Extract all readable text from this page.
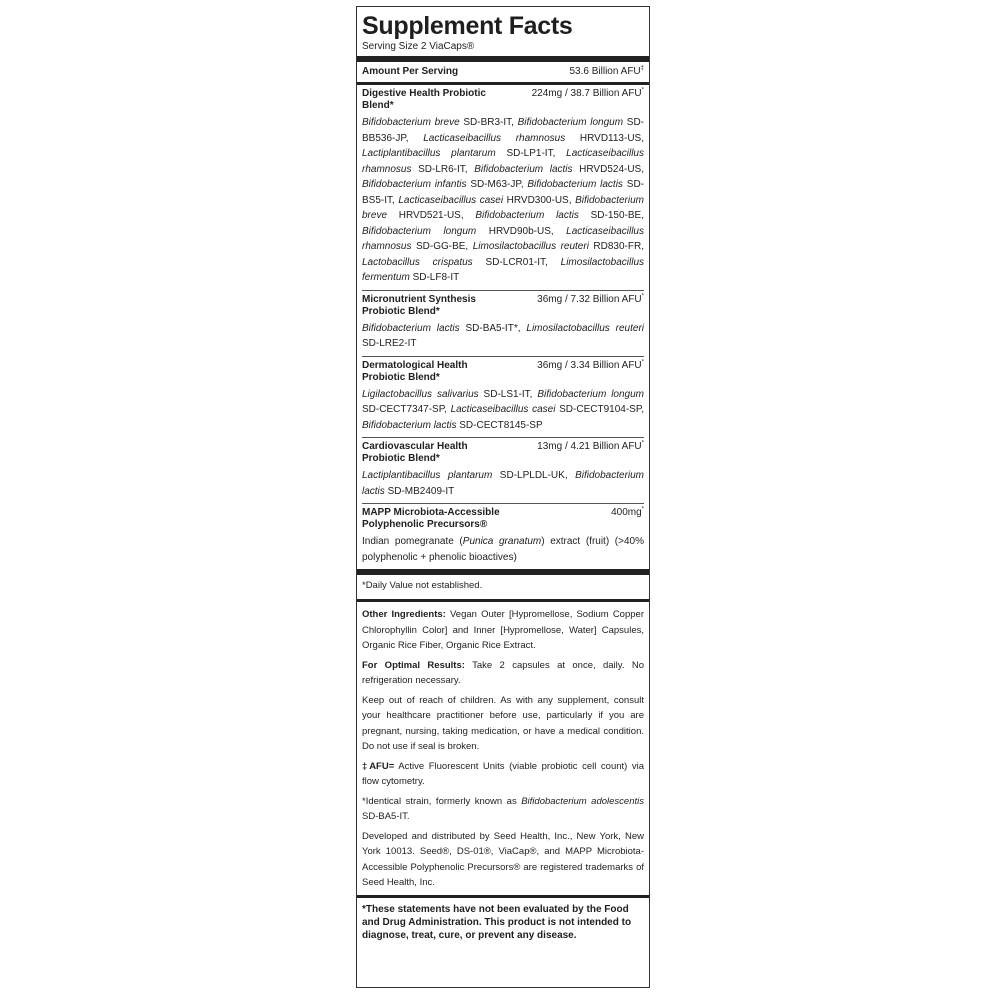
Supplement Facts
Serving Size 2 ViaCaps®
Amount Per Serving	53.6 Billion AFU‡
Digestive Health Probiotic Blend*
224mg / 38.7 Billion AFU*
Bifidobacterium breve SD-BR3-IT, Bifidobacterium longum SD-BB536-JP, Lacticaseibacillus rhamnosus HRVD113-US, Lactiplantibacillus plantarum SD-LP1-IT, Lacticaseibacillus rhamnosus SD-LR6-IT, Bifidobacterium lactis HRVD524-US, Bifidobacterium infantis SD-M63-JP, Bifidobacterium lactis SD-BS5-IT, Lacticaseibacillus casei HRVD300-US, Bifidobacterium breve HRVD521-US, Bifidobacterium lactis SD-150-BE, Bifidobacterium longum HRVD90b-US, Lacticaseibacillus rhamnosus SD-GG-BE, Limosilactobacillus reuteri RD830-FR, Lactobacillus crispatus SD-LCR01-IT, Limosilactobacillus fermentum SD-LF8-IT
Micronutrient Synthesis Probiotic Blend*
36mg / 7.32 Billion AFU*
Bifidobacterium lactis SD-BA5-IT*, Limosilactobacillus reuteri SD-LRE2-IT
Dermatological Health Probiotic Blend*
36mg / 3.34 Billion AFU*
Ligilactobacillus salivarius SD-LS1-IT, Bifidobacterium longum SD-CECT7347-SP, Lacticaseibacillus casei SD-CECT9104-SP, Bifidobacterium lactis SD-CECT8145-SP
Cardiovascular Health Probiotic Blend*
13mg / 4.21 Billion AFU*
Lactiplantibacillus plantarum SD-LPLDL-UK, Bifidobacterium lactis SD-MB2409-IT
MAPP Microbiota-Accessible Polyphenolic Precursors®
400mg*
Indian pomegranate (Punica granatum) extract (fruit) (>40% polyphenolic + phenolic bioactives)
*Daily Value not established.

Other Ingredients: Vegan Outer [Hypromellose, Sodium Copper Chlorophyllin Color] and Inner [Hypromellose, Water] Capsules, Organic Rice Fiber, Organic Rice Extract.

For Optimal Results: Take 2 capsules at once, daily. No refrigeration necessary.

Keep out of reach of children. As with any supplement, consult your healthcare practitioner before use, particularly if you are pregnant, nursing, taking medication, or have a medical condition. Do not use if seal is broken.

‡AFU= Active Fluorescent Units (viable probiotic cell count) via flow cytometry.

*Identical strain, formerly known as Bifidobacterium adolescentis SD-BA5-IT.

Developed and distributed by Seed Health, Inc., New York, New York 10013. Seed®, DS-01®, ViaCap®, and MAPP Microbiota-Accessible Polyphenolic Precursors® are registered trademarks of Seed Health, Inc.

*These statements have not been evaluated by the Food and Drug Administration. This product is not intended to diagnose, treat, cure, or prevent any disease.
